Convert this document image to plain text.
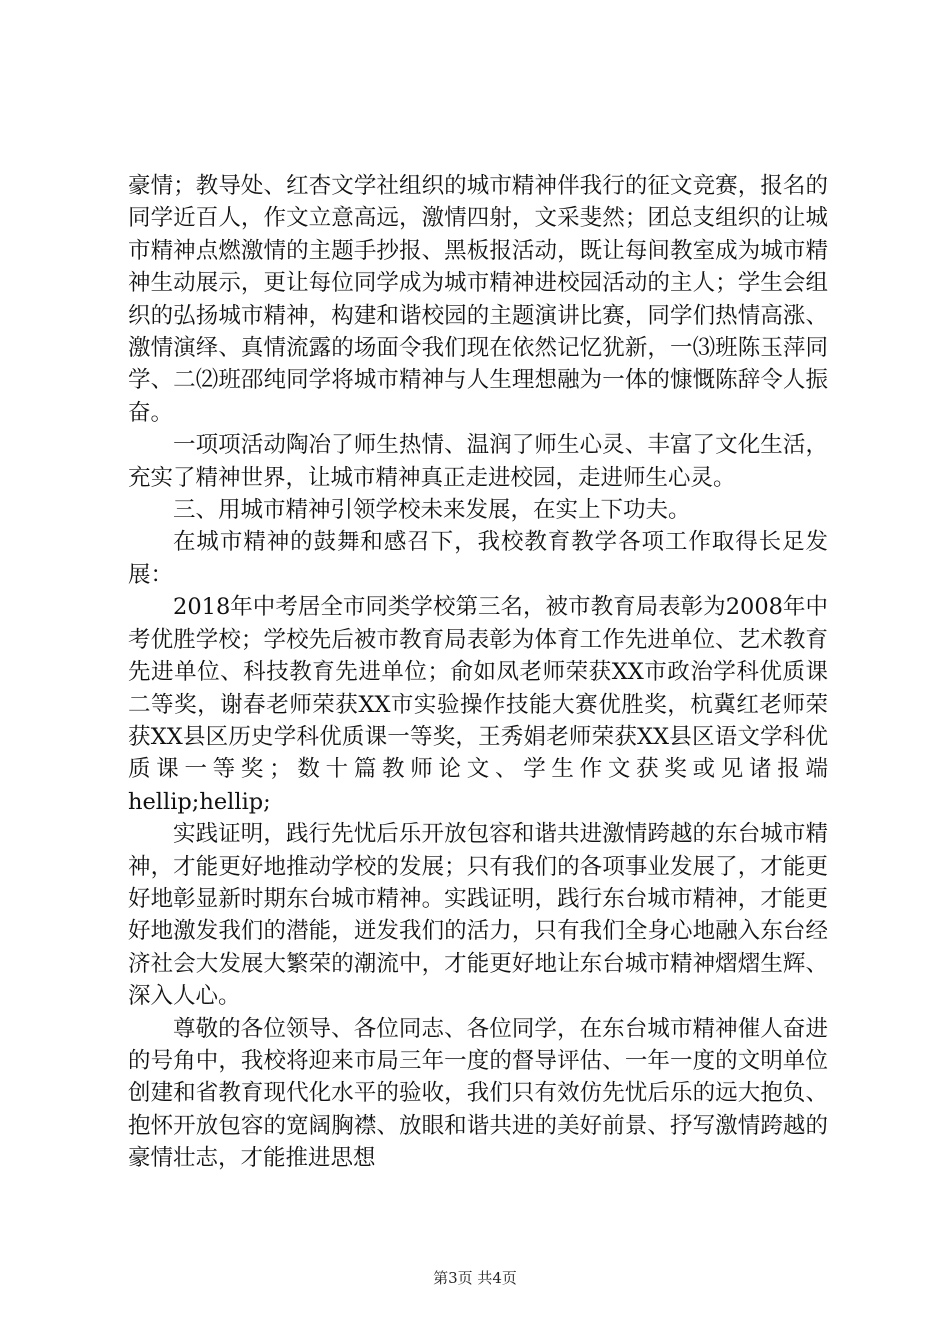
豪情；教导处、红杏文学社组织的城市精神伴我行的征文竞赛，报名的同学近百人，作文立意高远，激情四射，文采斐然；团总支组织的让城市精神点燃激情的主题手抄报、黑板报活动，既让每间教室成为城市精神生动展示，更让每位同学成为城市精神进校园活动的主人；学生会组织的弘扬城市精神，构建和谐校园的主题演讲比赛，同学们热情高涨、激情演绎、真情流露的场面令我们现在依然记忆犹新，一⑶班陈玉萍同学、二⑵班邵纯同学将城市精神与人生理想融为一体的慷慨陈辞令人振奋。

一项项活动陶冶了师生热情、温润了师生心灵、丰富了文化生活，充实了精神世界，让城市精神真正走进校园，走进师生心灵。

三、用城市精神引领学校未来发展，在实上下功夫。

在城市精神的鼓舞和感召下，我校教育教学各项工作取得长足发展：

2018年中考居全市同类学校第三名，被市教育局表彰为2008年中考优胜学校；学校先后被市教育局表彰为体育工作先进单位、艺术教育先进单位、科技教育先进单位；俞如凤老师荣获XX市政治学科优质课二等奖，谢春老师荣获XX市实验操作技能大赛优胜奖，杭冀红老师荣获XX县区历史学科优质课一等奖，王秀娟老师荣获XX县区语文学科优质课一等奖；数十篇教师论文、学生作文获奖或见诸报端hellip;hellip;

实践证明，践行先忧后乐开放包容和谐共进激情跨越的东台城市精神，才能更好地推动学校的发展；只有我们的各项事业发展了，才能更好地彰显新时期东台城市精神。实践证明，践行东台城市精神，才能更好地激发我们的潜能，迸发我们的活力，只有我们全身心地融入东台经济社会大发展大繁荣的潮流中，才能更好地让东台城市精神熠熠生辉、深入人心。

尊敬的各位领导、各位同志、各位同学，在东台城市精神催人奋进的号角中，我校将迎来市局三年一度的督导评估、一年一度的文明单位创建和省教育现代化水平的验收，我们只有效仿先忧后乐的远大抱负、抱怀开放包容的宽阔胸襟、放眼和谐共进的美好前景、抒写激情跨越的豪情壮志，才能推进思想

第3页 共4页
